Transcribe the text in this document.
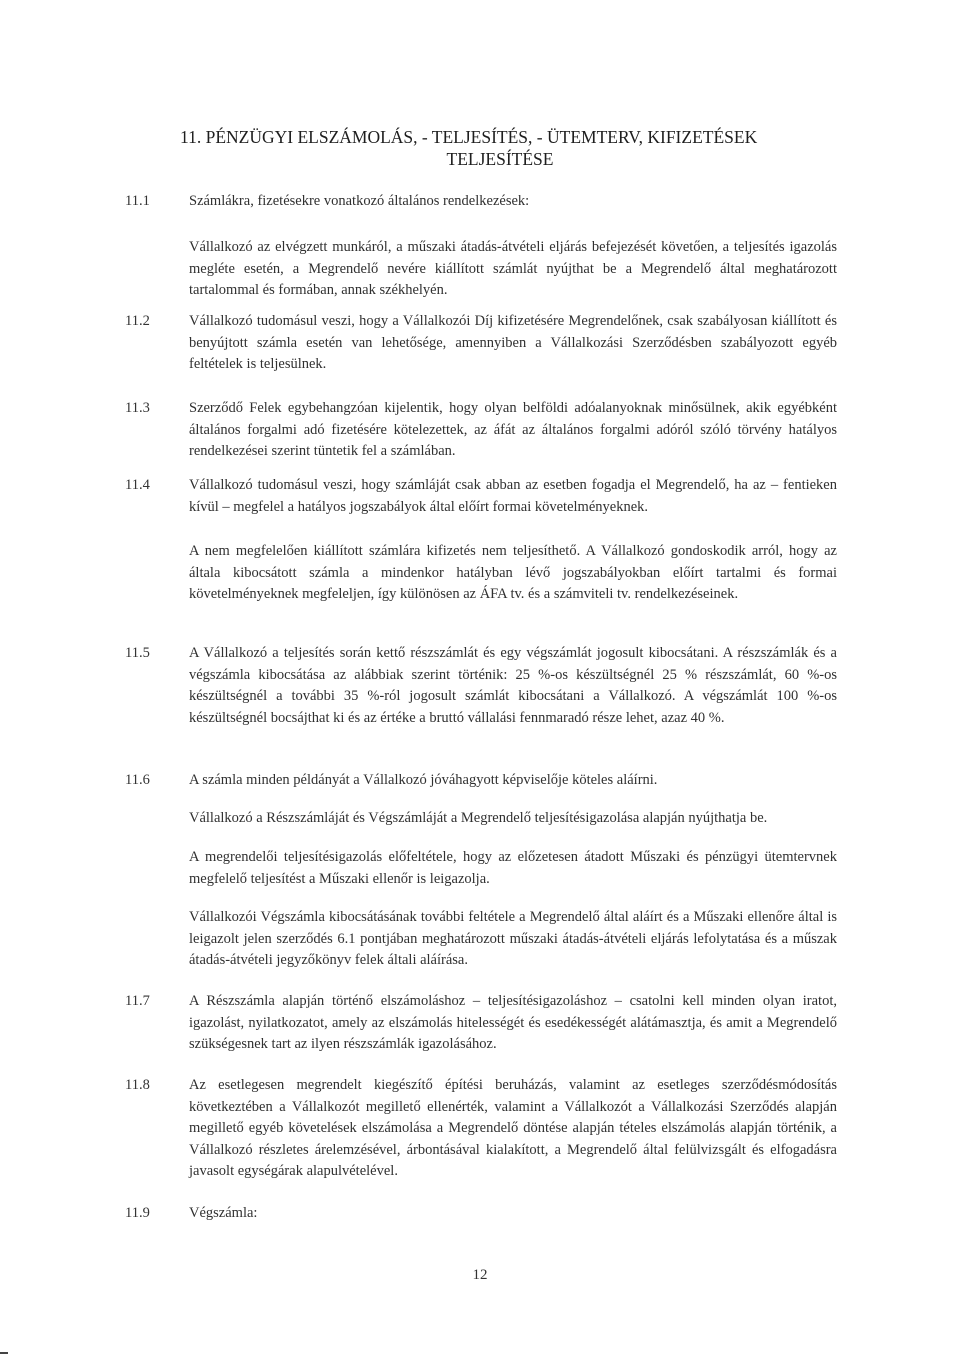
11. PÉNZÜGYI ELSZÁMOLÁS, - TELJESÍTÉS, - ÜTEMTERV, KIFIZETÉSEK
TELJESÍTÉSE
11.1	Számlákra, fizetésekre vonatkozó általános rendelkezések:
Vállalkozó az elvégzett munkáról, a műszaki átadás-átvételi eljárás befejezését követően, a teljesítés igazolás meglétе esetén, a Megrendelő nevére kiállított számlát nyújthat be a Megrendelő által meghatározott tartalommal és formában, annak székhelyén.
11.2	Vállalkozó tudomásul veszi, hogy a Vállalkozói Díj kifizetésére Megrendelőnek, csak szabályosan kiállított és benyújtott számla esetén van lehetősége, amennyiben a Vállalkozási Szerződésben szabályozott egyéb feltételek is teljesülnek.
11.3	Szerződő Felek egybehangzóan kijelentik, hogy olyan belföldi adóalanyoknak minősülnek, akik egyébként általános forgalmi adó fizetésére kötelezettek, az áfát az általános forgalmi adóról szóló törvény hatályos rendelkezései szerint tüntetik fel a számlában.
11.4	Vállalkozó tudomásul veszi, hogy számláját csak abban az esetben fogadja el Megrendelő, ha az – fentieken kívül – megfelel a hatályos jogszabályok által előírt formai követelményeknek.
A nem megfelelően kiállított számlára kifizetés nem teljesíthető. A Vállalkozó gondoskodik arról, hogy az általa kibocsátott számla a mindenkor hatályban lévő jogszabályokban előírt tartalmi és formai követelményeknek megfeleljen, így különösen az ÁFA tv. és a számviteli tv. rendelkezéseinek.
11.5	A Vállalkozó a teljesítés során kettő részszámlát és egy végszámlát jogosult kibocsátani. A részszámlák és a végszámla kibocsátása az alábbiak szerint történik: 25 %-os készültségnél 25 % részszámlát, 60 %-os készültségnél a további 35 %-ról jogosult számlát kibocsátani a Vállalkozó. A végszámlát 100 %-os készültségnél bocsájthat ki és az értéke a bruttó vállalási fennmaradó része lehet, azaz 40 %.
11.6	A számla minden példányát a Vállalkozó jóváhagyott képviselője köteles aláírni.
Vállalkozó a Részszámláját és Végszámláját a Megrendelő teljesítésigazolása alapján nyújthatja be.
A megrendelői teljesítésigazolás előfeltétele, hogy az előzetesen átadott Műszaki és pénzügyi ütemtervnek megfelelő teljesítést a Műszaki ellenőr is leigazolja.
Vállalkozói Végszámla kibocsátásának további feltétele a Megrendelő által aláírt és a Műszaki ellenőre által is leigazolt jelen szerződés 6.1 pontjában meghatározott műszaki átadás-átvételi eljárás lefolytatása és a műszak átadás-átvételi jegyzőkönyv felek általi aláírása.
11.7	A Részszámla alapján történő elszámoláshoz – teljesítésigazoláshoz – csatolni kell minden olyan iratot, igazolást, nyilatkozatot, amely az elszámolás hitelességét és esedékességét alátámasztja, és amit a Megrendelő szükségesnek tart az ilyen részszámlák igazolásához.
11.8	Az esetlegesen megrendelt kiegészítő építési beruházás, valamint az esetleges szerződésmódosítás következtében a Vállalkozót megillető ellenérték, valamint a Vállalkozót a Vállalkozási Szerződés alapján megillető egyéb követelések elszámolása a Megrendelő döntése alapján tételes elszámolás alapján történik, a Vállalkozó részletes árelemzésével, árbontásával kialakított, a Megrendelő által felülvizsgált és elfogadásra javasolt egységárak alapulvételével.
11.9	Végszámla:
12
